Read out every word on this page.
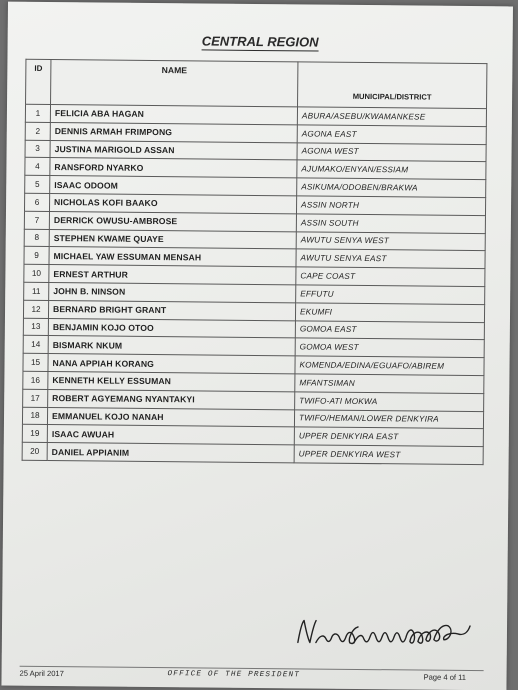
CENTRAL REGION
ID	NAME	MUNICIPAL/DISTRICT
1	FELICIA ABA HAGAN	ABURA/ASEBU/KWAMANKESE
2	DENNIS ARMAH FRIMPONG	AGONA EAST
3	JUSTINA MARIGOLD ASSAN	AGONA WEST
4	RANSFORD NYARKO	AJUMAKO/ENYAN/ESSIAM
5	ISAAC ODOOM	ASIKUMA/ODOBEN/BRAKWA
6	NICHOLAS KOFI BAAKO	ASSIN NORTH
7	DERRICK OWUSU-AMBROSE	ASSIN SOUTH
8	STEPHEN KWAME QUAYE	AWUTU SENYA WEST
9	MICHAEL YAW ESSUMAN MENSAH	AWUTU SENYA EAST
10	ERNEST ARTHUR	CAPE COAST
11	JOHN B. NINSON	EFFUTU
12	BERNARD BRIGHT GRANT	EKUMFI
13	BENJAMIN KOJO OTOO	GOMOA EAST
14	BISMARK NKUM	GOMOA WEST
15	NANA APPIAH KORANG	KOMENDA/EDINA/EGUAFO/ABIREM
16	KENNETH KELLY ESSUMAN	MFANTSIMAN
17	ROBERT AGYEMANG NYANTAKYI	TWIFO-ATI MOKWA
18	EMMANUEL KOJO NANAH	TWIFO/HEMAN/LOWER DENKYIRA
19	ISAAC AWUAH	UPPER DENKYIRA EAST
20	DANIEL APPIANIM	UPPER DENKYIRA WEST
25 April 2017	OFFICE OF THE PRESIDENT	Page 4 of 11
